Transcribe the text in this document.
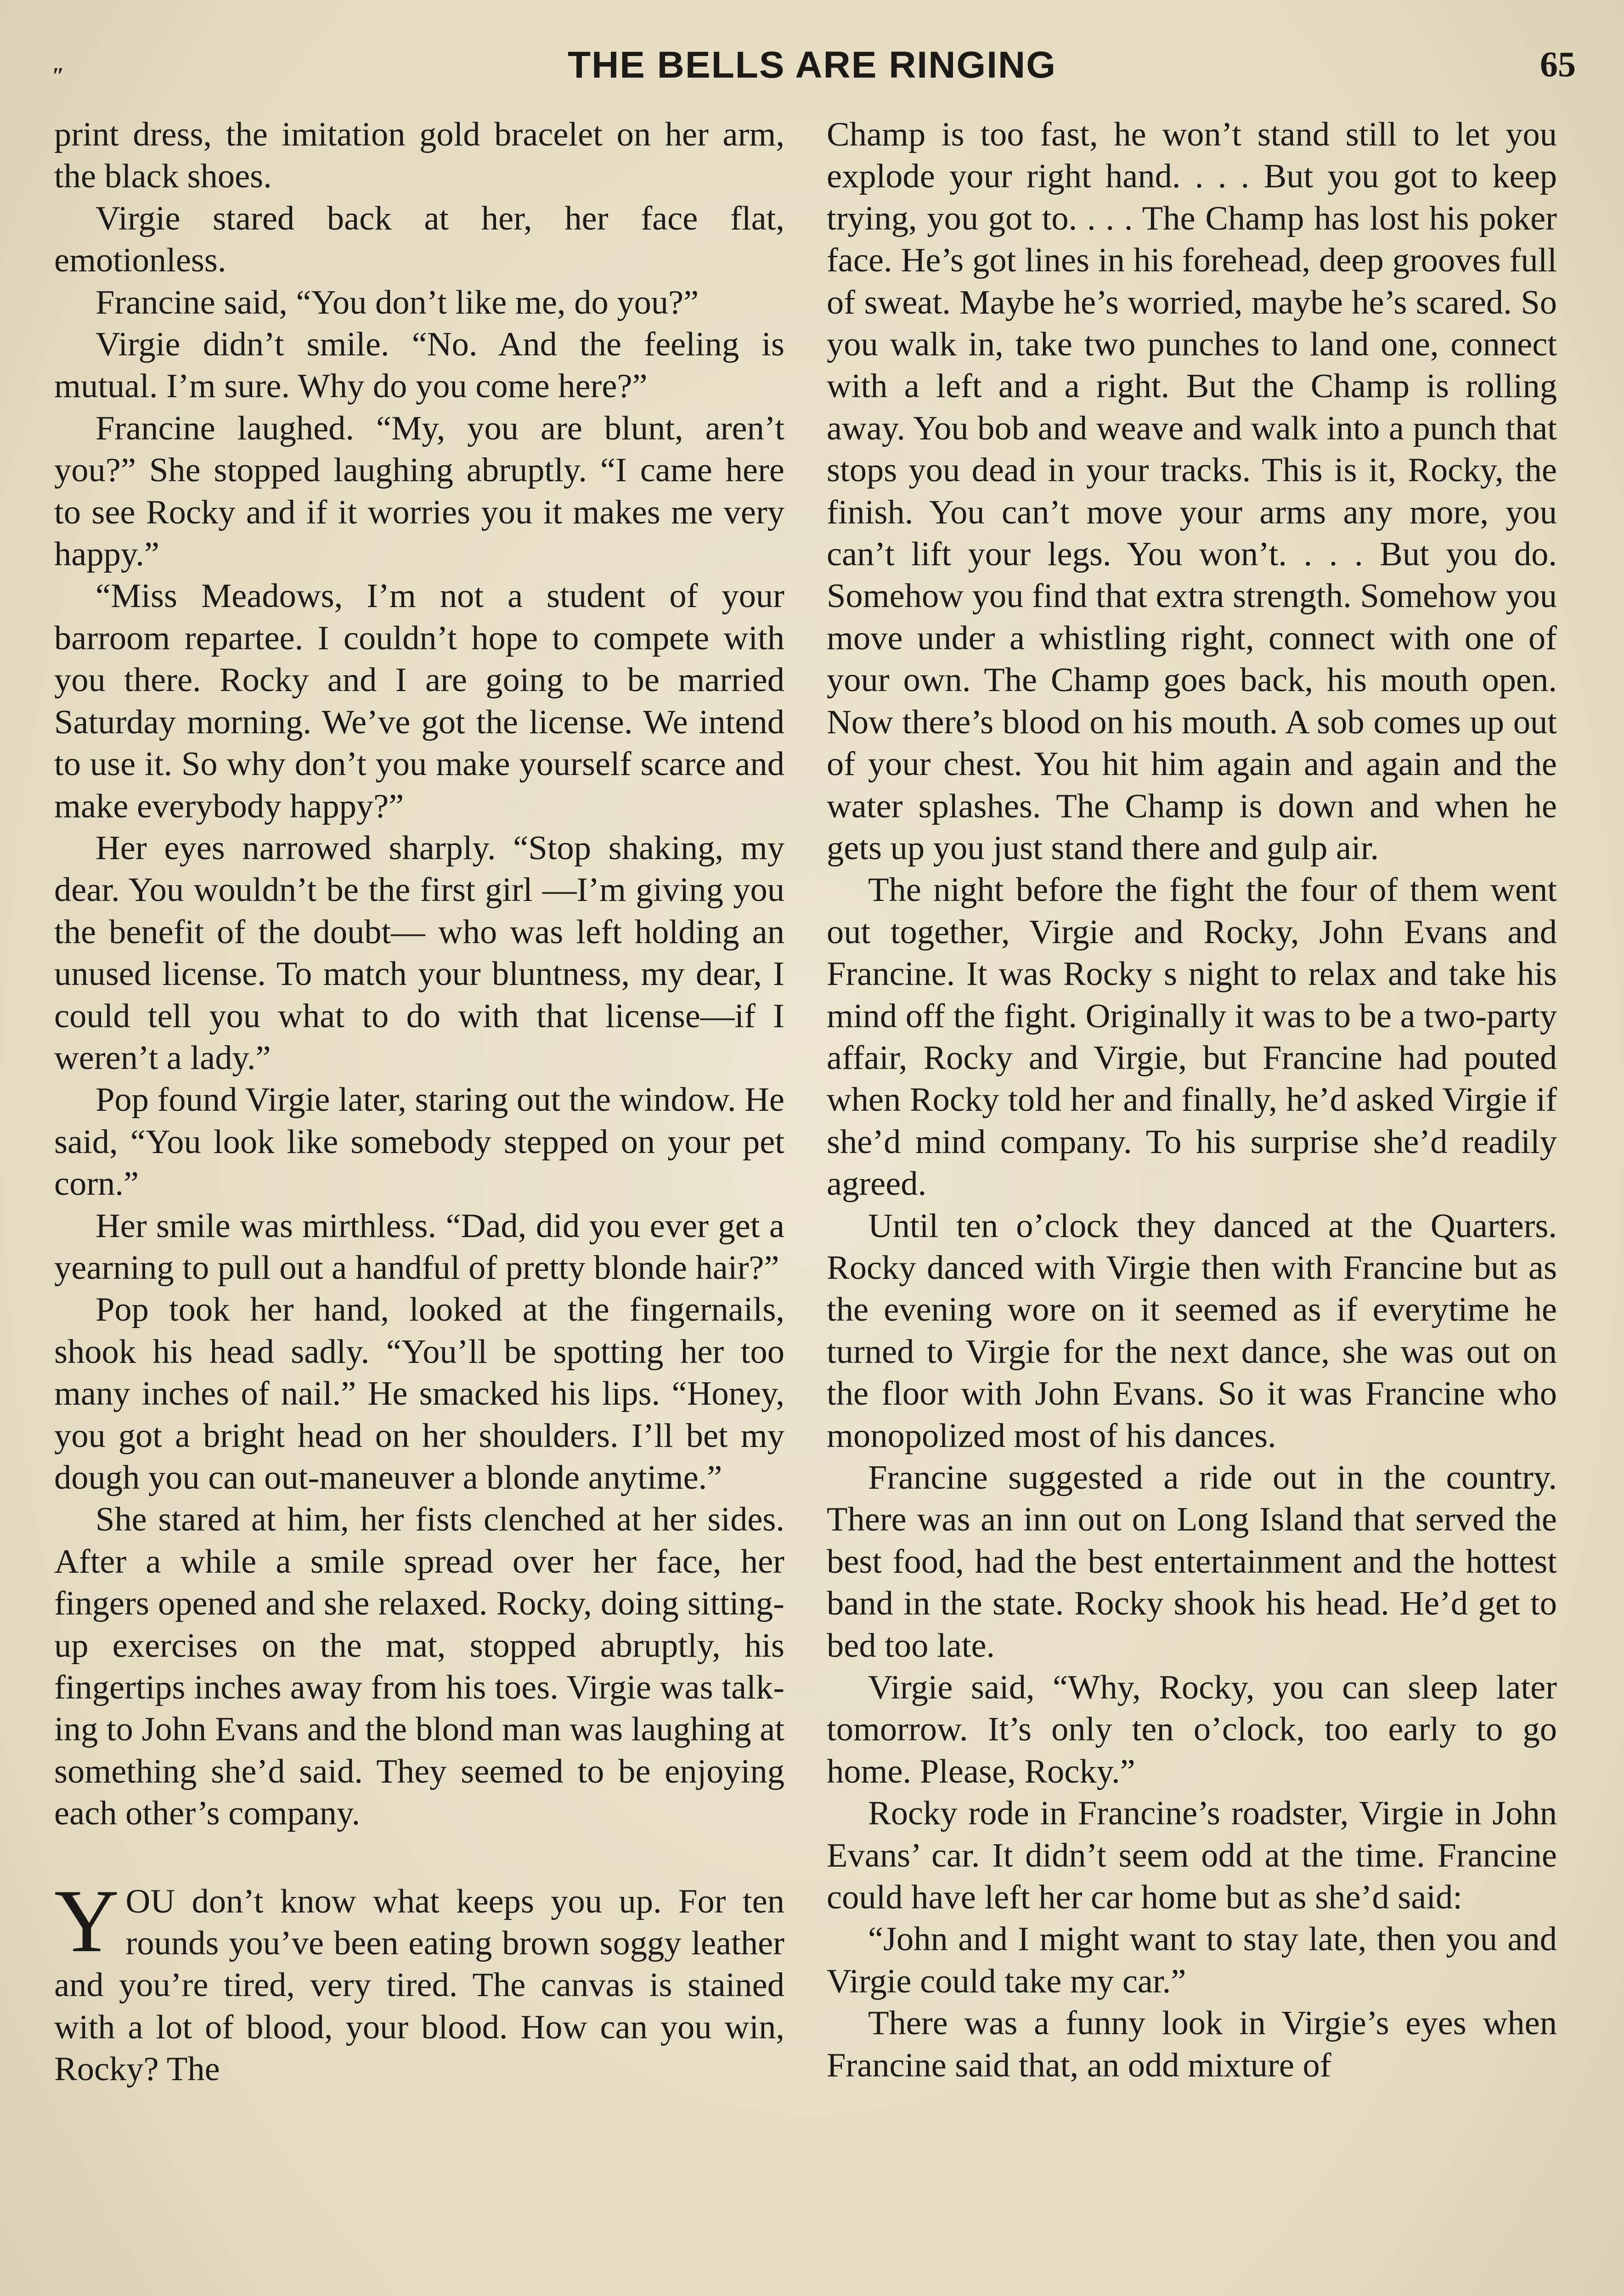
″	THE BELLS ARE RINGING	65

print dress, the imitation gold bracelet on her arm, the black shoes.

Virgie stared back at her, her face flat, emotionless.

Francine said, “You don’t like me, do you?”

Virgie didn’t smile. “No. And the feeling is mutual. I’m sure. Why do you come here?”

Francine laughed. “My, you are blunt, aren’t you?” She stopped laughing abruptly. “I came here to see Rocky and if it worries you it makes me very happy.”

“Miss Meadows, I’m not a student of your barroom repartee. I couldn’t hope to compete with you there. Rocky and I are going to be married Saturday morning. We’ve got the license. We intend to use it. So why don’t you make yourself scarce and make everybody happy?”

Her eyes narrowed sharply. “Stop shaking, my dear. You wouldn’t be the first girl —I’m giving you the benefit of the doubt— who was left holding an unused license. To match your bluntness, my dear, I could tell you what to do with that license—if I weren’t a lady.”

Pop found Virgie later, staring out the window. He said, “You look like somebody stepped on your pet corn.”

Her smile was mirthless. “Dad, did you ever get a yearning to pull out a handful of pretty blonde hair?”

Pop took her hand, looked at the fingernails, shook his head sadly. “You’ll be spotting her too many inches of nail.” He smacked his lips. “Honey, you got a bright head on her shoulders. I’ll bet my dough you can out-maneuver a blonde anytime.”

She stared at him, her fists clenched at her sides. After a while a smile spread over her face, her fingers opened and she relaxed. Rocky, doing sitting-up exercises on the mat, stopped abruptly, his fingertips inches away from his toes. Virgie was talking to John Evans and the blond man was laughing at something she’d said. They seemed to be enjoying each other’s company.

YOU don’t know what keeps you up. For ten rounds you’ve been eating brown soggy leather and you’re tired, very tired. The canvas is stained with a lot of blood, your blood. How can you win, Rocky? The

Champ is too fast, he won’t stand still to let you explode your right hand. . . . But you got to keep trying, you got to. . . . The Champ has lost his poker face. He’s got lines in his forehead, deep grooves full of sweat. Maybe he’s worried, maybe he’s scared. So you walk in, take two punches to land one, connect with a left and a right. But the Champ is rolling away. You bob and weave and walk into a punch that stops you dead in your tracks. This is it, Rocky, the finish. You can’t move your arms any more, you can’t lift your legs. You won’t. . . . But you do. Somehow you find that extra strength. Somehow you move under a whistling right, connect with one of your own. The Champ goes back, his mouth open. Now there’s blood on his mouth. A sob comes up out of your chest. You hit him again and again and the water splashes. The Champ is down and when he gets up you just stand there and gulp air.

The night before the fight the four of them went out together, Virgie and Rocky, John Evans and Francine. It was Rocky s night to relax and take his mind off the fight. Originally it was to be a two-party affair, Rocky and Virgie, but Francine had pouted when Rocky told her and finally, he’d asked Virgie if she’d mind company. To his surprise she’d readily agreed.

Until ten o’clock they danced at the Quarters. Rocky danced with Virgie then with Francine but as the evening wore on it seemed as if everytime he turned to Virgie for the next dance, she was out on the floor with John Evans. So it was Francine who monopolized most of his dances.

Francine suggested a ride out in the country. There was an inn out on Long Island that served the best food, had the best entertainment and the hottest band in the state. Rocky shook his head. He’d get to bed too late.

Virgie said, “Why, Rocky, you can sleep later tomorrow. It’s only ten o’clock, too early to go home. Please, Rocky.”

Rocky rode in Francine’s roadster, Virgie in John Evans’ car. It didn’t seem odd at the time. Francine could have left her car home but as she’d said:

“John and I might want to stay late, then you and Virgie could take my car.”

There was a funny look in Virgie’s eyes when Francine said that, an odd mixture of
